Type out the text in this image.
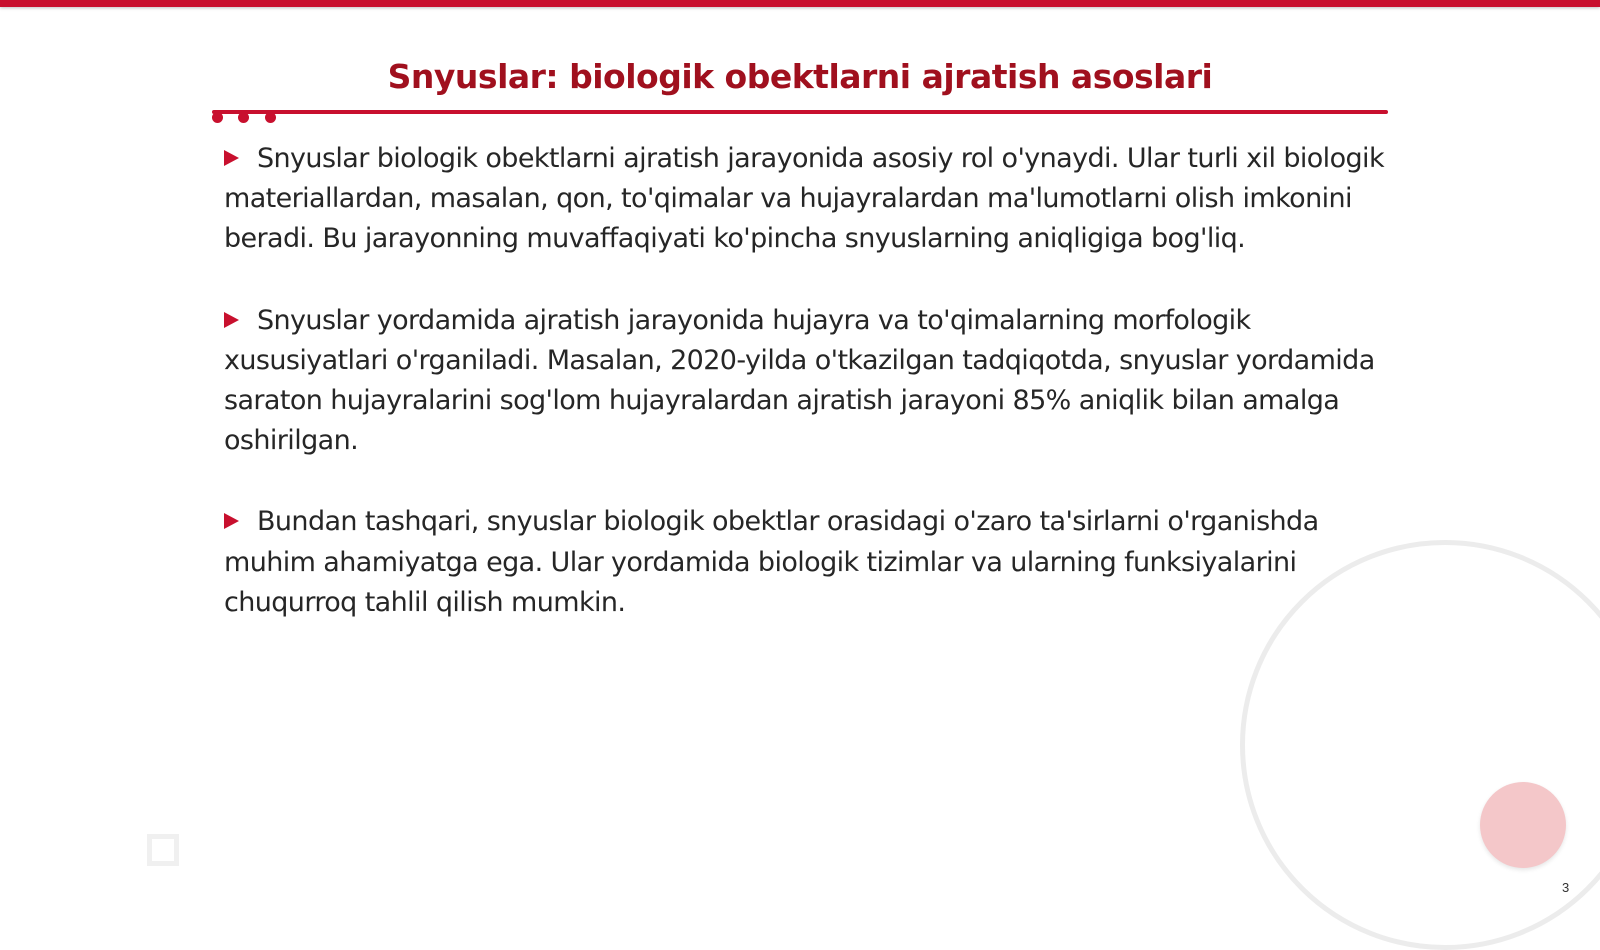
Snyuslar: biologik obektlarni ajratish asoslari

Snyuslar biologik obektlarni ajratish jarayonida asosiy rol o'ynaydi. Ular turli xil biologik materiallardan, masalan, qon, to'qimalar va hujayralardan ma'lumotlarni olish imkonini beradi. Bu jarayonning muvaffaqiyati ko'pincha snyuslarning aniqligiga bog'liq.

Snyuslar yordamida ajratish jarayonida hujayra va to'qimalarning morfologik xususiyatlari o'rganiladi. Masalan, 2020-yilda o'tkazilgan tadqiqotda, snyuslar yordamida saraton hujayralarini sog'lom hujayralardan ajratish jarayoni 85% aniqlik bilan amalga oshirilgan.

Bundan tashqari, snyuslar biologik obektlar orasidagi o'zaro ta'sirlarni o'rganishda muhim ahamiyatga ega. Ular yordamida biologik tizimlar va ularning funksiyalarini chuqurroq tahlil qilish mumkin.

3
